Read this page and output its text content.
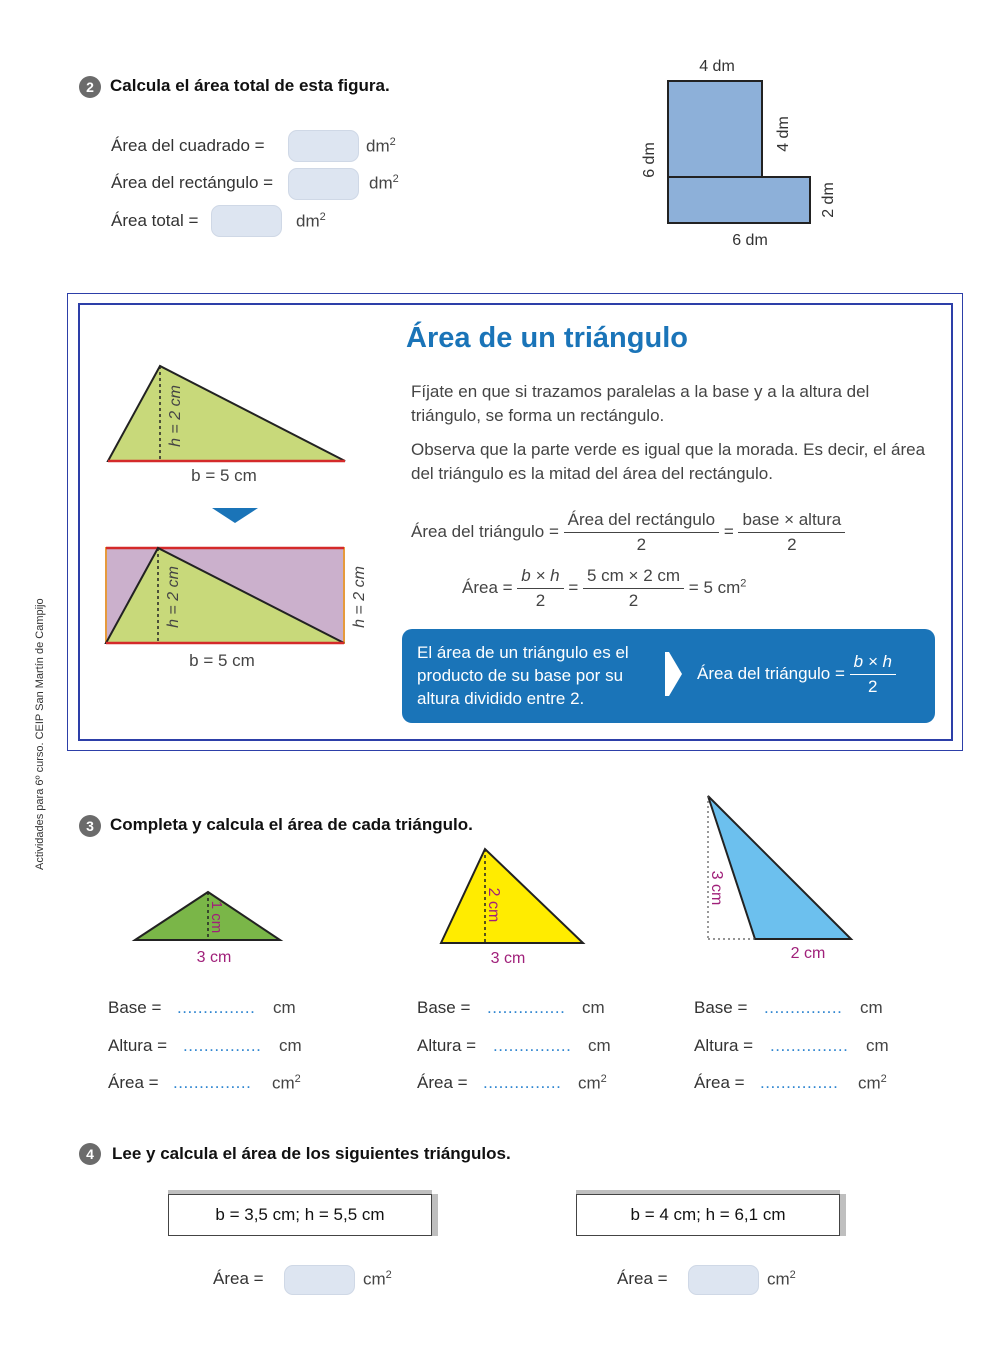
Actividades para 6º curso. CEIP San Martín de Campijo
2 Calcula el área total de esta figura.
Área del cuadrado =	$dm^2$
Área del rectángulo =	$dm^2$
Área total =	$dm^2$
4 dm
6 dm
4 dm
2 dm
6 dm
Área de un triángulo
Fíjate en que si trazamos paralelas a la base y a la altura del triángulo, se forma un rectángulo.
Observa que la parte verde es igual que la morada. Es decir, el área del triángulo es la mitad del área del rectángulo.
Área del triángulo = $\frac{\text{Área del rectángulo}}{2} = \frac{\text{base × altura}}{2}$
Área = $\frac{b \times h}{2} = \frac{5 cm \times 2 cm}{2} = 5$ $cm^2$
h = 2 cm
b = 5 cm
h = 2 cm	h = 2 cm
b = 5 cm	El área de un triángulo es el producto de su base por su altura dividido entre 2.
Área del triángulo = $\frac{b \times h}{2}$
3 Completa y calcula el área de cada triángulo.
1 cm
3 cm
2 cm
3 cm
3 cm
2 cm
Base = ............... cm
Altura = ............... cm
Área = ............... $cm^2$
Base = ............... cm
Altura = ............... cm
Área = ............... $cm^2$
Base = ............... cm
Altura = ............... cm
Área = ............... $cm^2$
4	Lee y calcula el área de los siguientes triángulos.
b = 3,5 cm; h = 5,5 cm	b = 4 cm; h = 6,1 cm
Área =	$cm^2$	Área =	$cm^2$
